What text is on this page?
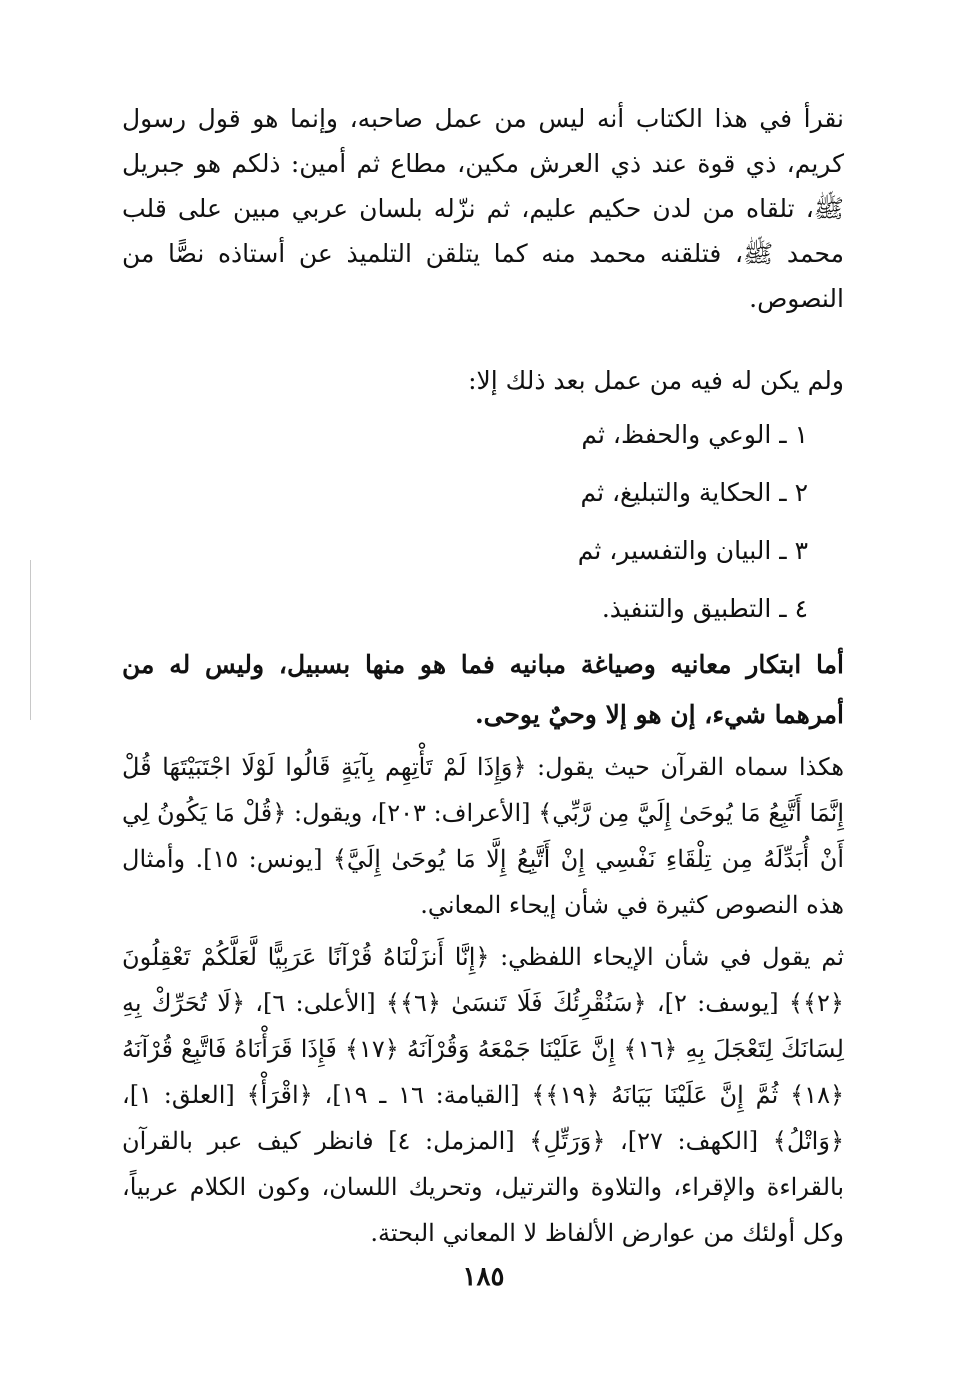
نقرأ في هذا الكتاب أنه ليس من عمل صاحبه، وإنما هو قول رسول كريم، ذي قوة عند ذي العرش مكين، مطاع ثم أمين: ذلكم هو جبريل ﷺ، تلقاه من لدن حكيم عليم، ثم نزّله بلسان عربي مبين على قلب محمد ﷺ، فتلقنه محمد منه كما يتلقن التلميذ عن أستاذه نصًّا من النصوص.
ولم يكن له فيه من عمل بعد ذلك إلا:
١ ـ الوعي والحفظ، ثم
٢ ـ الحكاية والتبليغ، ثم
٣ ـ البيان والتفسير، ثم
٤ ـ التطبيق والتنفيذ.
أما ابتكار معانيه وصياغة مبانيه فما هو منها بسبيل، وليس له من أمرهما شيء، إن هو إلا وحيٌ يوحى.
هكذا سماه القرآن حيث يقول: ﴿وَإِذَا لَمْ تَأْتِهِم بِآيَةٍ قَالُوا لَوْلَا اجْتَبَيْتَهَا قُلْ إِنَّمَا أَتَّبِعُ مَا يُوحَىٰ إِلَيَّ مِن رَّبِّي﴾ [الأعراف: ٢٠٣]، ويقول: ﴿قُلْ مَا يَكُونُ لِي أَنْ أُبَدِّلَهُ مِن تِلْقَاءِ نَفْسِي إِنْ أَتَّبِعُ إِلَّا مَا يُوحَىٰ إِلَيَّ﴾ [يونس: ١٥]. وأمثال هذه النصوص كثيرة في شأن إيحاء المعاني.
ثم يقول في شأن الإيحاء اللفظي: ﴿إِنَّا أَنزَلْنَاهُ قُرْآنًا عَرَبِيًّا لَّعَلَّكُمْ تَعْقِلُونَ ﴿٢﴾﴾ [يوسف: ٢]، ﴿سَنُقْرِئُكَ فَلَا تَنسَىٰ ﴿٦﴾﴾ [الأعلى: ٦]، ﴿لَا تُحَرِّكْ بِهِ لِسَانَكَ لِتَعْجَلَ بِهِ ﴿١٦﴾ إِنَّ عَلَيْنَا جَمْعَهُ وَقُرْآنَهُ ﴿١٧﴾ فَإِذَا قَرَأْنَاهُ فَاتَّبِعْ قُرْآنَهُ ﴿١٨﴾ ثُمَّ إِنَّ عَلَيْنَا بَيَانَهُ ﴿١٩﴾﴾ [القيامة: ١٦ ـ ١٩]، ﴿اقْرَأْ﴾ [العلق: ١]، ﴿وَاتْلُ﴾ [الكهف: ٢٧]، ﴿وَرَتِّلِ﴾ [المزمل: ٤] فانظر كيف عبر بالقرآن بالقراءة والإقراء، والتلاوة والترتيل، وتحريك اللسان، وكون الكلام عربياً، وكل أولئك من عوارض الألفاظ لا المعاني البحتة.
١٨٥
